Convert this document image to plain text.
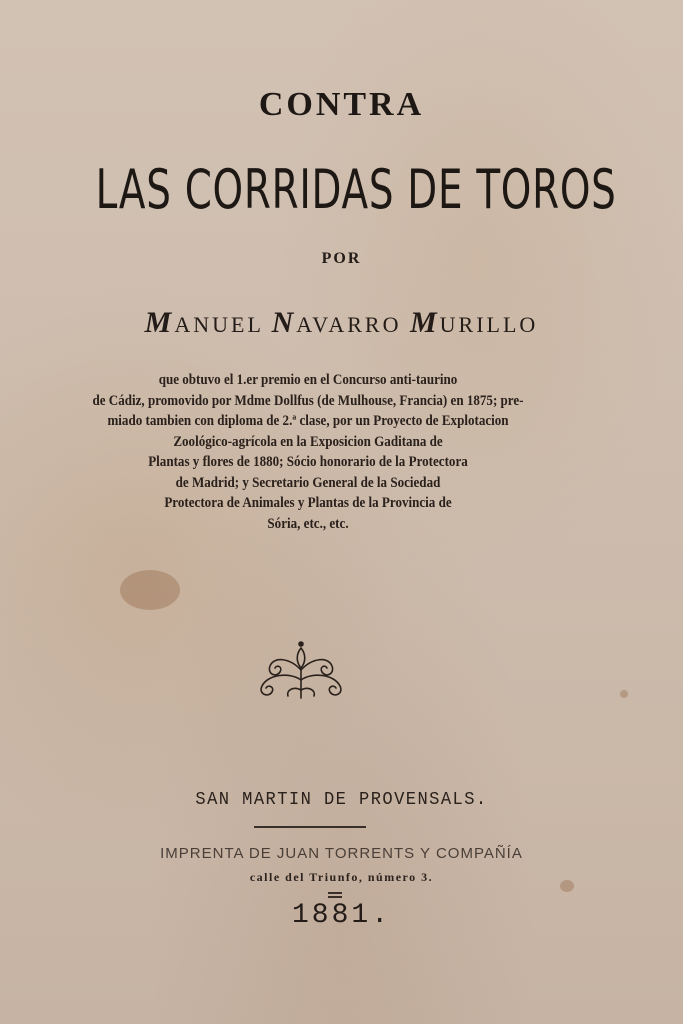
CONTRA
LAS CORRIDAS DE TOROS
POR
MANUEL NAVARRO MURILLO
que obtuvo el 1.er premio en el Concurso anti-taurino
de Cádiz, promovido por Mdme Dollfus (de Mulhouse, Francia) en 1875; pre-
miado tambien con diploma de 2.ª clase, por un Proyecto de Explotacion
Zoológico-agrícola en la Exposicion Gaditana de
Plantas y flores de 1880; Sócio honorario de la Protectora
de Madrid; y Secretario General de la Sociedad
Protectora de Animales y Plantas de la Provincia de
Sória, etc., etc.
SAN MARTIN DE PROVENSALS.
IMPRENTA DE JUAN TORRENTS Y COMPAÑÍA
calle del Triunfo, número 3.
1881.
